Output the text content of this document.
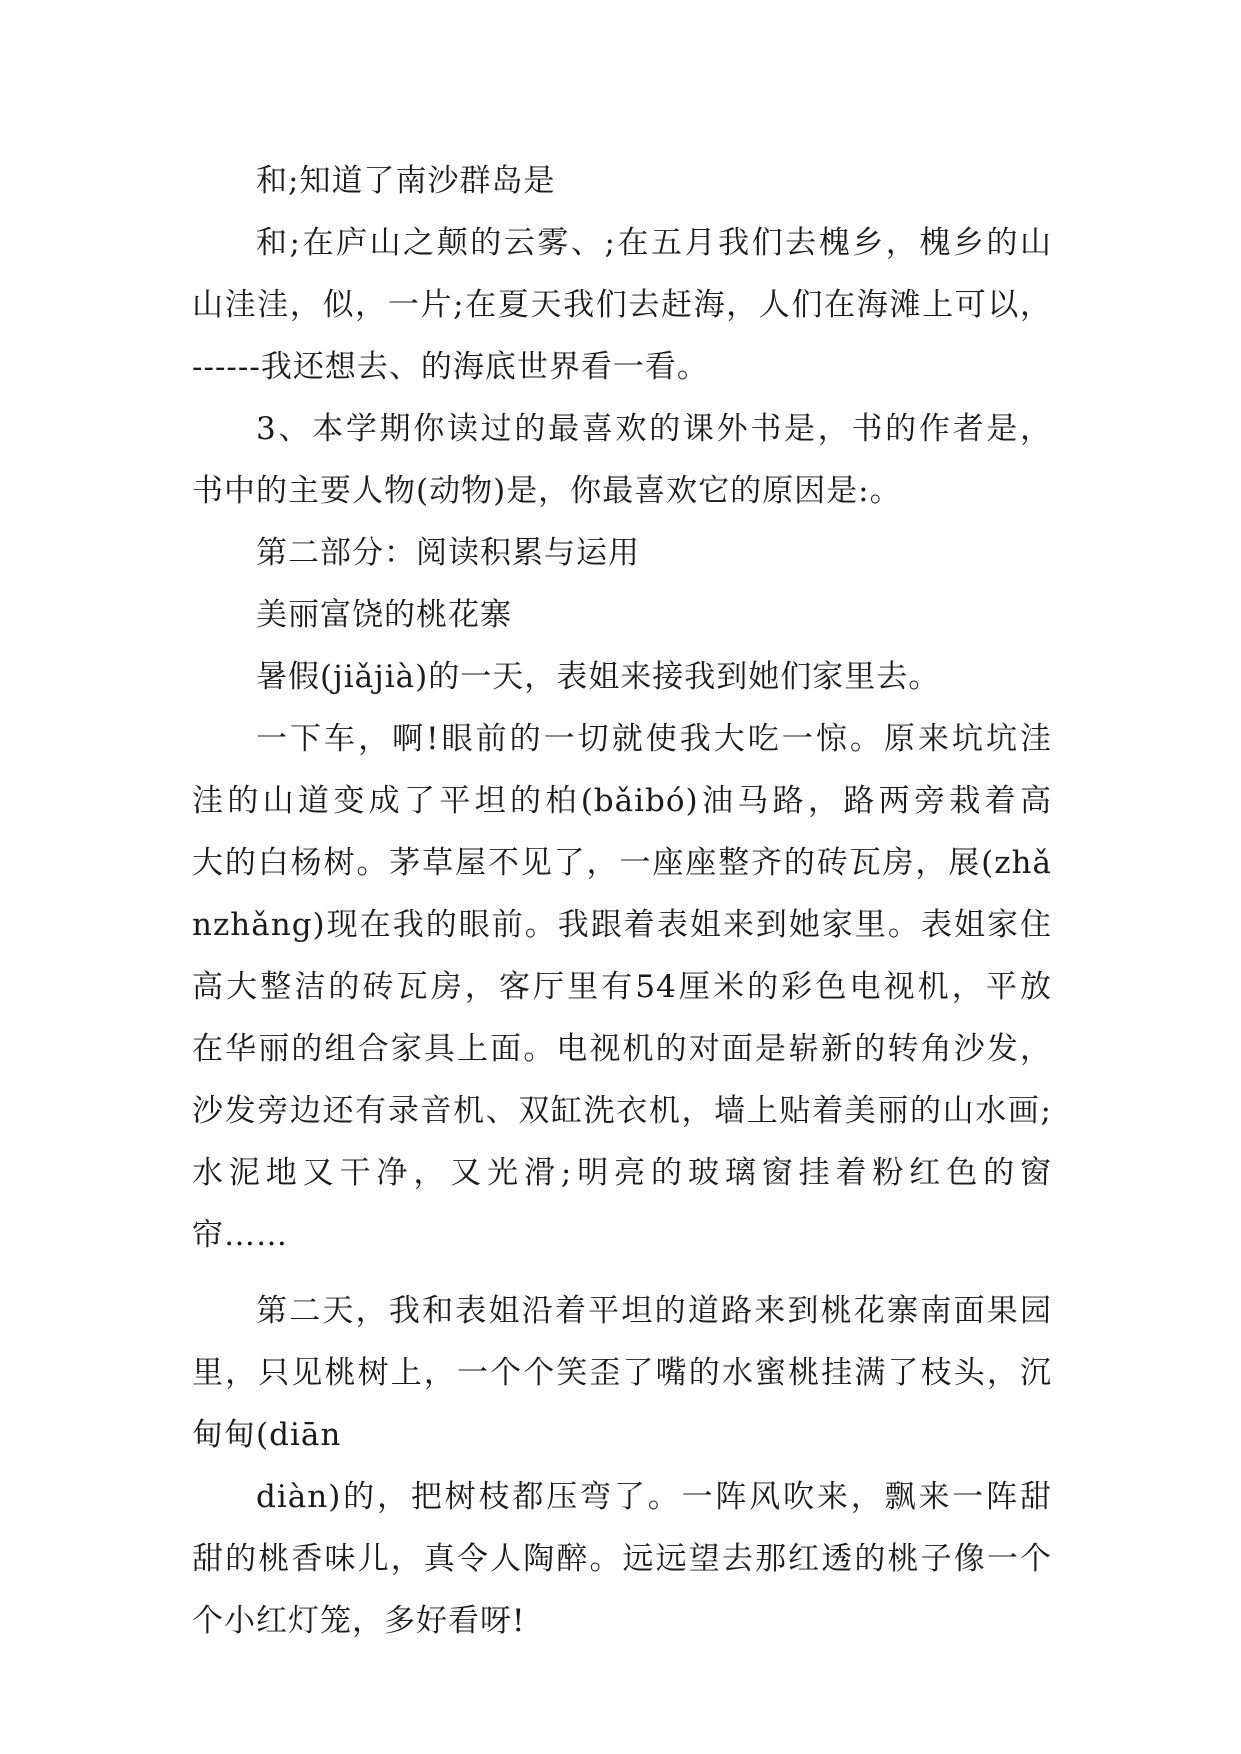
和;知道了南沙群岛是
和;在庐山之颠的云雾、;在五月我们去槐乡，槐乡的山
山洼洼，似，一片;在夏天我们去赶海，人们在海滩上可以，
------我还想去、的海底世界看一看。
3、本学期你读过的最喜欢的课外书是，书的作者是，
书中的主要人物(动物)是，你最喜欢它的原因是:。
第二部分：阅读积累与运用
美丽富饶的桃花寨
暑假(jiǎjià)的一天，表姐来接我到她们家里去。
一下车，啊!眼前的一切就使我大吃一惊。原来坑坑洼
洼的山道变成了平坦的柏(bǎibó)油马路，路两旁栽着高
大的白杨树。茅草屋不见了，一座座整齐的砖瓦房，展(zhǎ
nzhǎng)现在我的眼前。我跟着表姐来到她家里。表姐家住
高大整洁的砖瓦房，客厅里有54厘米的彩色电视机，平放
在华丽的组合家具上面。电视机的对面是崭新的转角沙发，
沙发旁边还有录音机、双缸洗衣机，墙上贴着美丽的山水画;
水泥地又干净，又光滑;明亮的玻璃窗挂着粉红色的窗
帘……
第二天，我和表姐沿着平坦的道路来到桃花寨南面果园
里，只见桃树上，一个个笑歪了嘴的水蜜桃挂满了枝头，沉
甸甸(diān
diàn)的，把树枝都压弯了。一阵风吹来，飘来一阵甜
甜的桃香味儿，真令人陶醉。远远望去那红透的桃子像一个
个小红灯笼，多好看呀!
